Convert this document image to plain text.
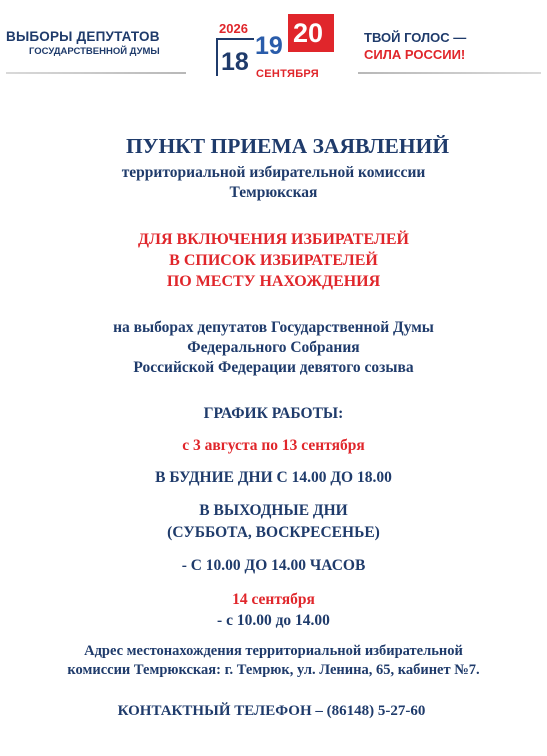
ВЫБОРЫ ДЕПУТАТОВ
ГОСУДАРСТВЕННОЙ ДУМЫ
2026
18
19 20
СЕНТЯБРЯ
ТВОЙ ГОЛОС —
СИЛА РОССИИ!
ПУНКТ ПРИЕМА ЗАЯВЛЕНИЙ
территориальной избирательной комиссии
Темрюкская
ДЛЯ ВКЛЮЧЕНИЯ ИЗБИРАТЕЛЕЙ
В СПИСОК ИЗБИРАТЕЛЕЙ
ПО МЕСТУ НАХОЖДЕНИЯ
на выборах депутатов Государственной Думы
Федерального Собрания
Российской Федерации девятого созыва
ГРАФИК РАБОТЫ:
с 3 августа по 13 сентября
В БУДНИЕ ДНИ С 14.00 ДО 18.00
В ВЫХОДНЫЕ ДНИ
(СУББОТА, ВОСКРЕСЕНЬЕ)
- С 10.00 ДО 14.00 ЧАСОВ
14 сентября
- с 10.00 до 14.00
Адрес местонахождения территориальной избирательной
комиссии Темрюкская: г. Темрюк, ул. Ленина, 65, кабинет №7.
КОНТАКТНЫЙ ТЕЛЕФОН – (86148) 5-27-60
